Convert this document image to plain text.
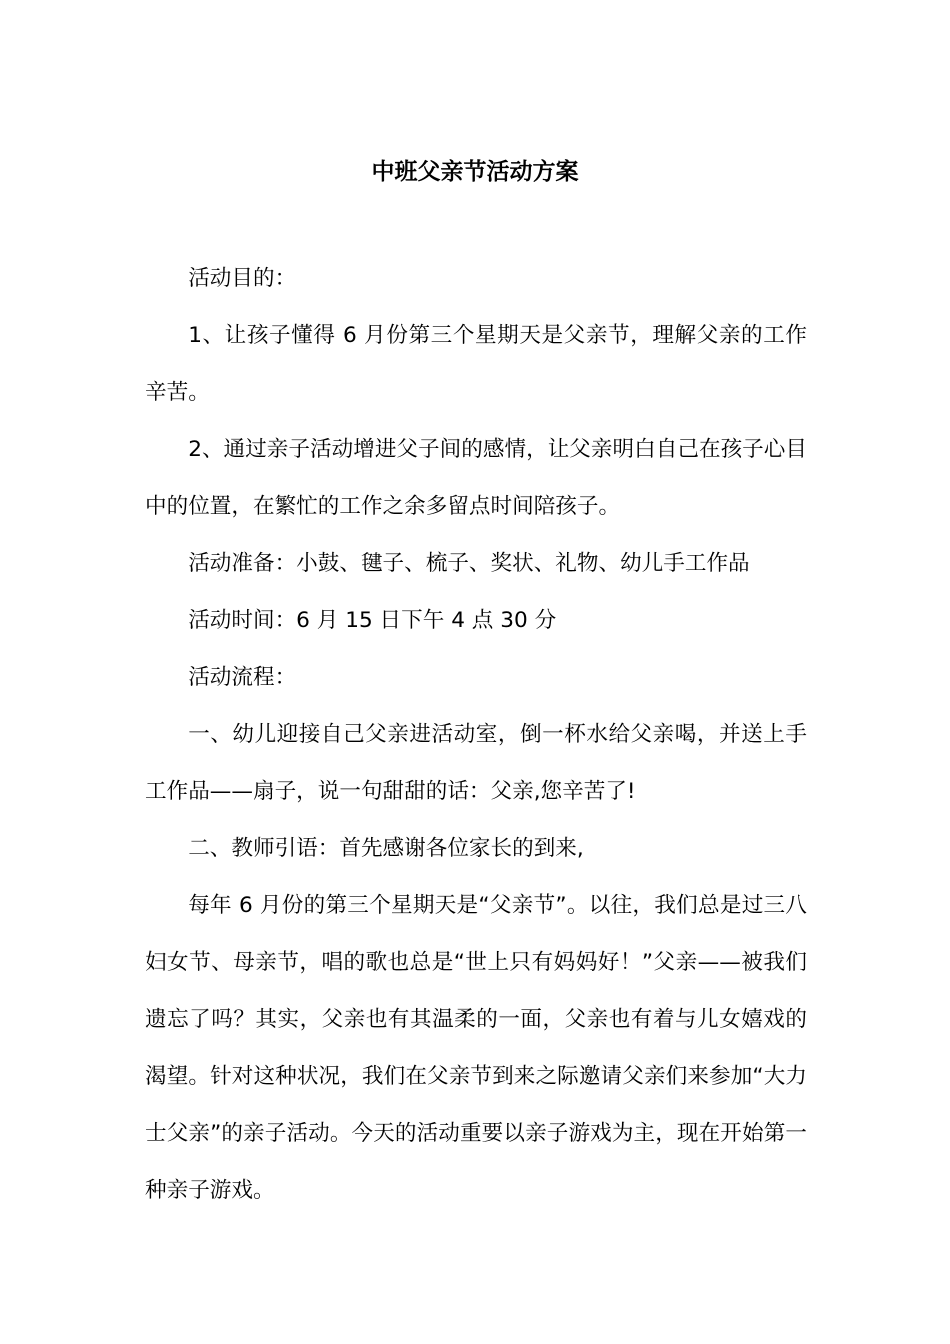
中班父亲节活动方案

活动目的：

1、让孩子懂得 6 月份第三个星期天是父亲节，理解父亲的工作辛苦。

2、通过亲子活动增进父子间的感情，让父亲明白自己在孩子心目中的位置，在繁忙的工作之余多留点时间陪孩子。

活动准备：小鼓、毽子、梳子、奖状、礼物、幼儿手工作品

活动时间：6 月 15 日下午 4 点 30 分

活动流程：

一、幼儿迎接自己父亲进活动室，倒一杯水给父亲喝，并送上手工作品——扇子，说一句甜甜的话：父亲,您辛苦了!

二、教师引语：首先感谢各位家长的到来,

每年 6 月份的第三个星期天是“父亲节”。以往，我们总是过三八妇女节、母亲节，唱的歌也总是“世上只有妈妈好！”父亲——被我们遗忘了吗？其实，父亲也有其温柔的一面，父亲也有着与儿女嬉戏的渴望。针对这种状况，我们在父亲节到来之际邀请父亲们来参加“大力士父亲”的亲子活动。今天的活动重要以亲子游戏为主，现在开始第一种亲子游戏。
